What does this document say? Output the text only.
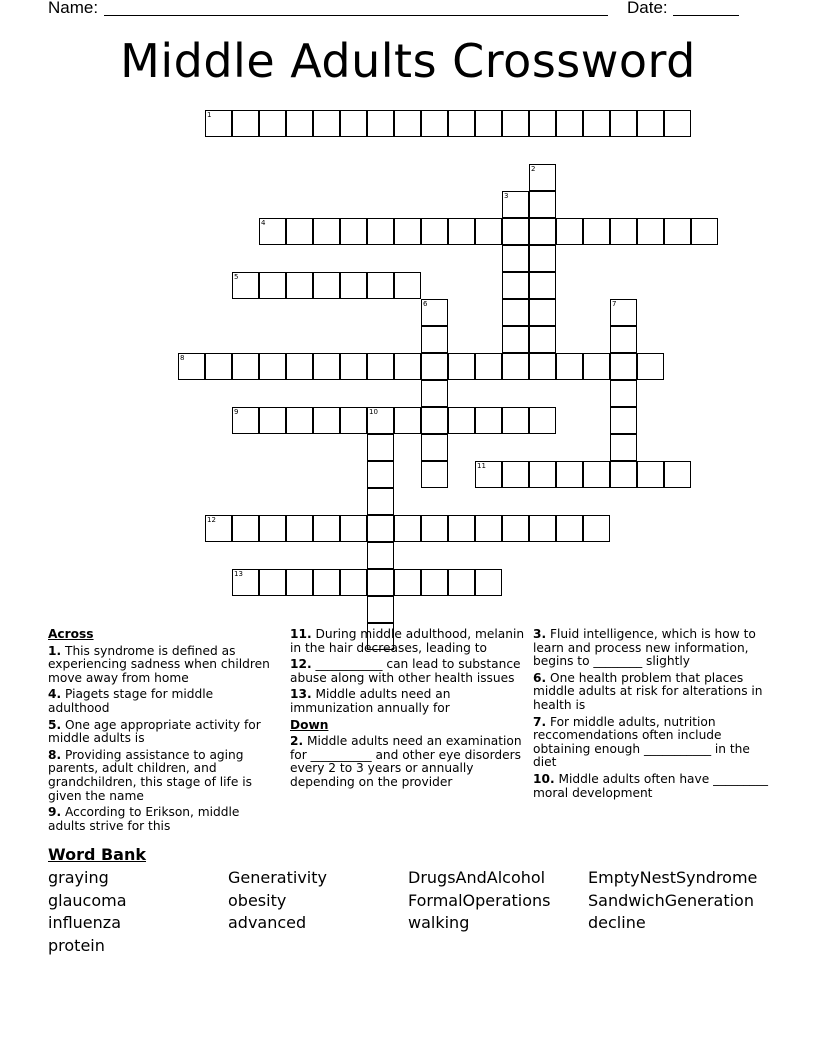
Name:	Date:
Middle Adults Crossword
1
2
3
4
5
6	7
8
9	10
11
12
13
Across
1. This syndrome is defined as experiencing sadness when children move away from home
4. Piagets stage for middle adulthood
5. One age appropriate activity for middle adults is
8. Providing assistance to aging parents, adult children, and grandchildren, this stage of life is given the name
9. According to Erikson, middle adults strive for this
11. During middle adulthood, melanin in the hair decreases, leading to
12. ___________ can lead to substance abuse along with other health issues
13. Middle adults need an immunization annually for
Down
2. Middle adults need an examination for __________ and other eye disorders every 2 to 3 years or annually depending on the provider
3. Fluid intelligence, which is how to learn and process new information, begins to ________ slightly
6. One health problem that places middle adults at risk for alterations in health is
7. For middle adults, nutrition reccomendations often include obtaining enough ___________ in the diet
10. Middle adults often have _________ moral development
Word Bank
graying	Generativity	DrugsAndAlcohol	EmptyNestSyndrome
glaucoma	obesity	FormalOperations SandwichGeneration
influenza	advanced	walking	decline
protein
